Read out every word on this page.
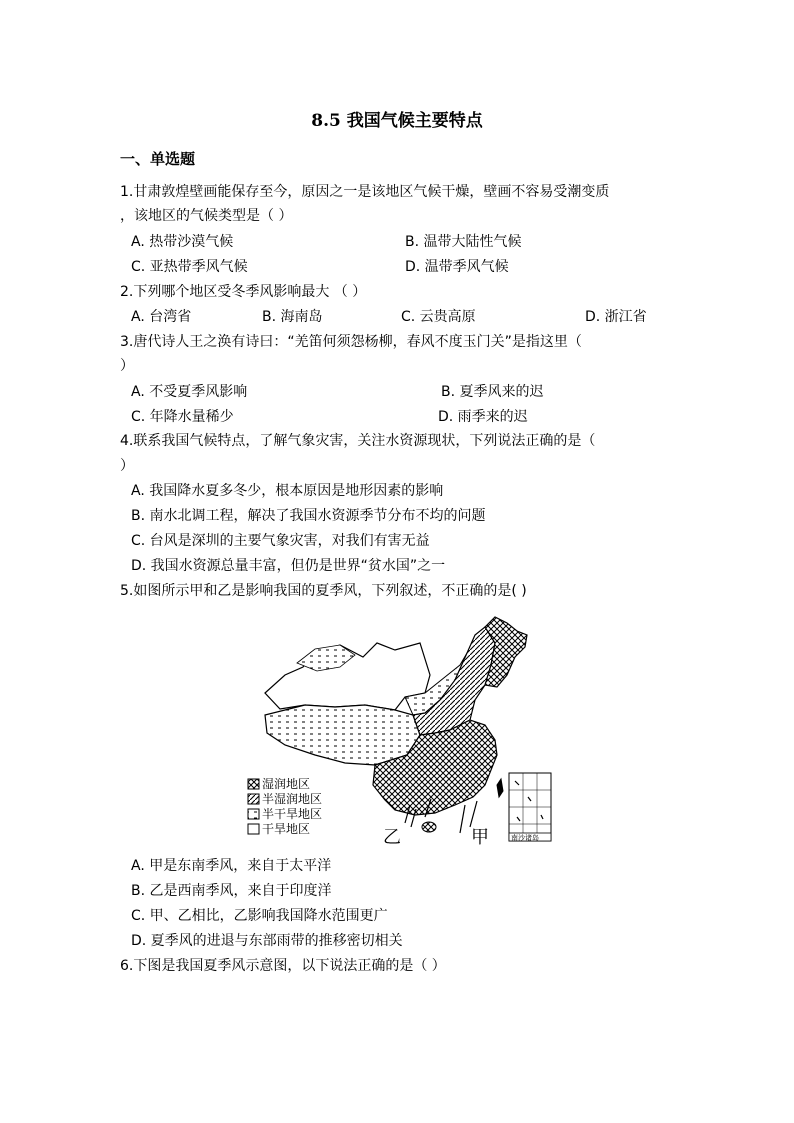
8.5 我国气候主要特点
一、单选题
1.甘肃敦煌壁画能保存至今，原因之一是该地区气候干燥，壁画不容易受潮变质
，该地区的气候类型是（ ）
A. 热带沙漠气候	B. 温带大陆性气候
C. 亚热带季风气候	D. 温带季风气候
2.下列哪个地区受冬季风影响最大 （ ）
A. 台湾省	B. 海南岛	C. 云贵高原	D. 浙江省
3.唐代诗人王之涣有诗曰：“羌笛何须怨杨柳，春风不度玉门关”是指这里（
）
A. 不受夏季风影响	B. 夏季风来的迟
C. 年降水量稀少	D. 雨季来的迟
4.联系我国气候特点，了解气象灾害，关注水资源现状，下列说法正确的是（
）
A. 我国降水夏多冬少，根本原因是地形因素的影响
B. 南水北调工程，解决了我国水资源季节分布不均的问题
C. 台风是深圳的主要气象灾害，对我们有害无益
D. 我国水资源总量丰富，但仍是世界“贫水国”之一
5.如图所示甲和乙是影响我国的夏季风，下列叙述，不正确的是( )
湿润地区
半湿润地区
半干旱地区
干旱地区	乙	甲	南沙诸岛
A. 甲是东南季风，来自于太平洋
B. 乙是西南季风，来自于印度洋
C. 甲、乙相比，乙影响我国降水范围更广
D. 夏季风的进退与东部雨带的推移密切相关
6.下图是我国夏季风示意图，以下说法正确的是（ ）
